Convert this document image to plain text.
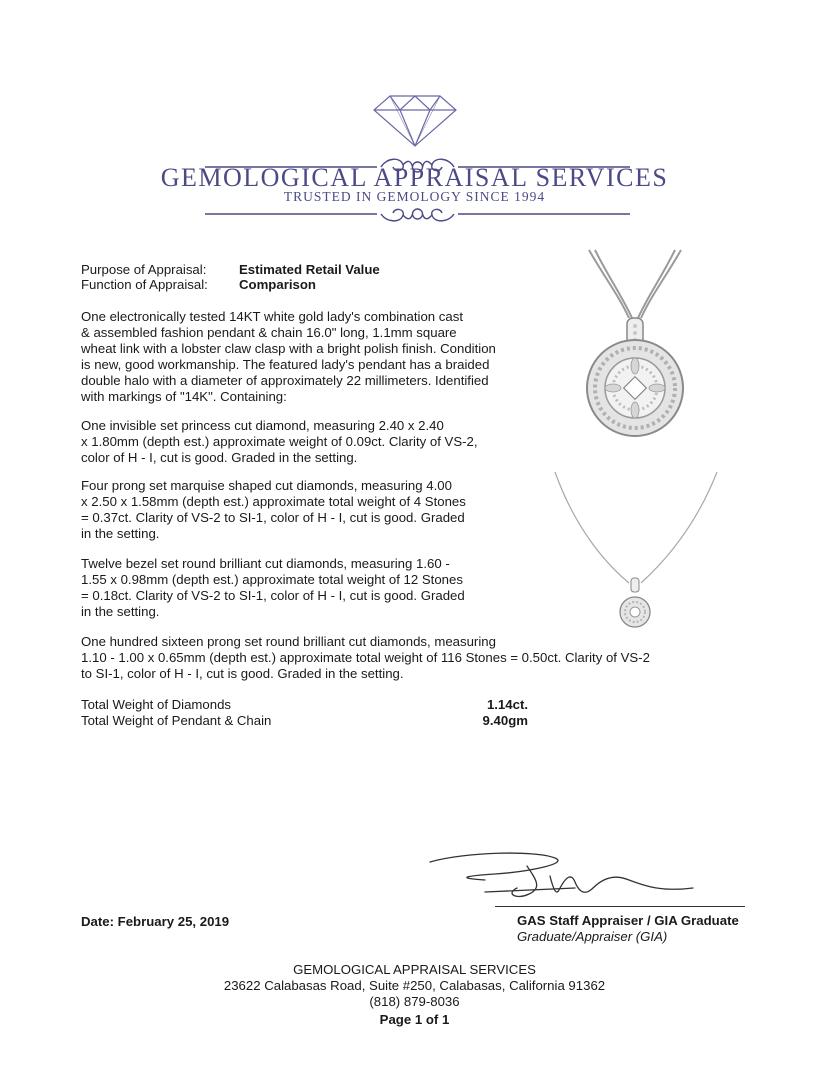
GEMOLOGICAL APPRAISAL SERVICES
TRUSTED IN GEMOLOGY SINCE 1994
Purpose of Appraisal: Estimated Retail Value
Function of Appraisal: Comparison
One electronically tested 14KT white gold lady's combination cast
& assembled fashion pendant & chain 16.0" long, 1.1mm square
wheat link with a lobster claw clasp with a bright polish finish. Condition
is new, good workmanship. The featured lady's pendant has a braided
double halo with a diameter of approximately 22 millimeters. Identified
with markings of "14K". Containing:
One invisible set princess cut diamond, measuring 2.40 x 2.40
x 1.80mm (depth est.) approximate weight of 0.09ct. Clarity of VS-2,
color of H - I, cut is good. Graded in the setting.
Four prong set marquise shaped cut diamonds, measuring 4.00
x 2.50 x 1.58mm (depth est.) approximate total weight of 4 Stones
= 0.37ct. Clarity of VS-2 to SI-1, color of H - I, cut is good. Graded
in the setting.
Twelve bezel set round brilliant cut diamonds, measuring 1.60 -
1.55 x 0.98mm (depth est.) approximate total weight of 12 Stones
= 0.18ct. Clarity of VS-2 to SI-1, color of H - I, cut is good. Graded
in the setting.
One hundred sixteen prong set round brilliant cut diamonds, measuring
1.10 - 1.00 x 0.65mm (depth est.) approximate total weight of 116 Stones = 0.50ct. Clarity of VS-2
to SI-1, color of H - I, cut is good. Graded in the setting.
Total Weight of Diamonds	1.14ct.
Total Weight of Pendant & Chain	9.40gm
Date: February 25, 2019	GAS Staff Appraiser / GIA Graduate
Graduate/Appraiser (GIA)
GEMOLOGICAL APPRAISAL SERVICES
23622 Calabasas Road, Suite #250, Calabasas, California 91362
(818) 879-8036
Page 1 of 1
